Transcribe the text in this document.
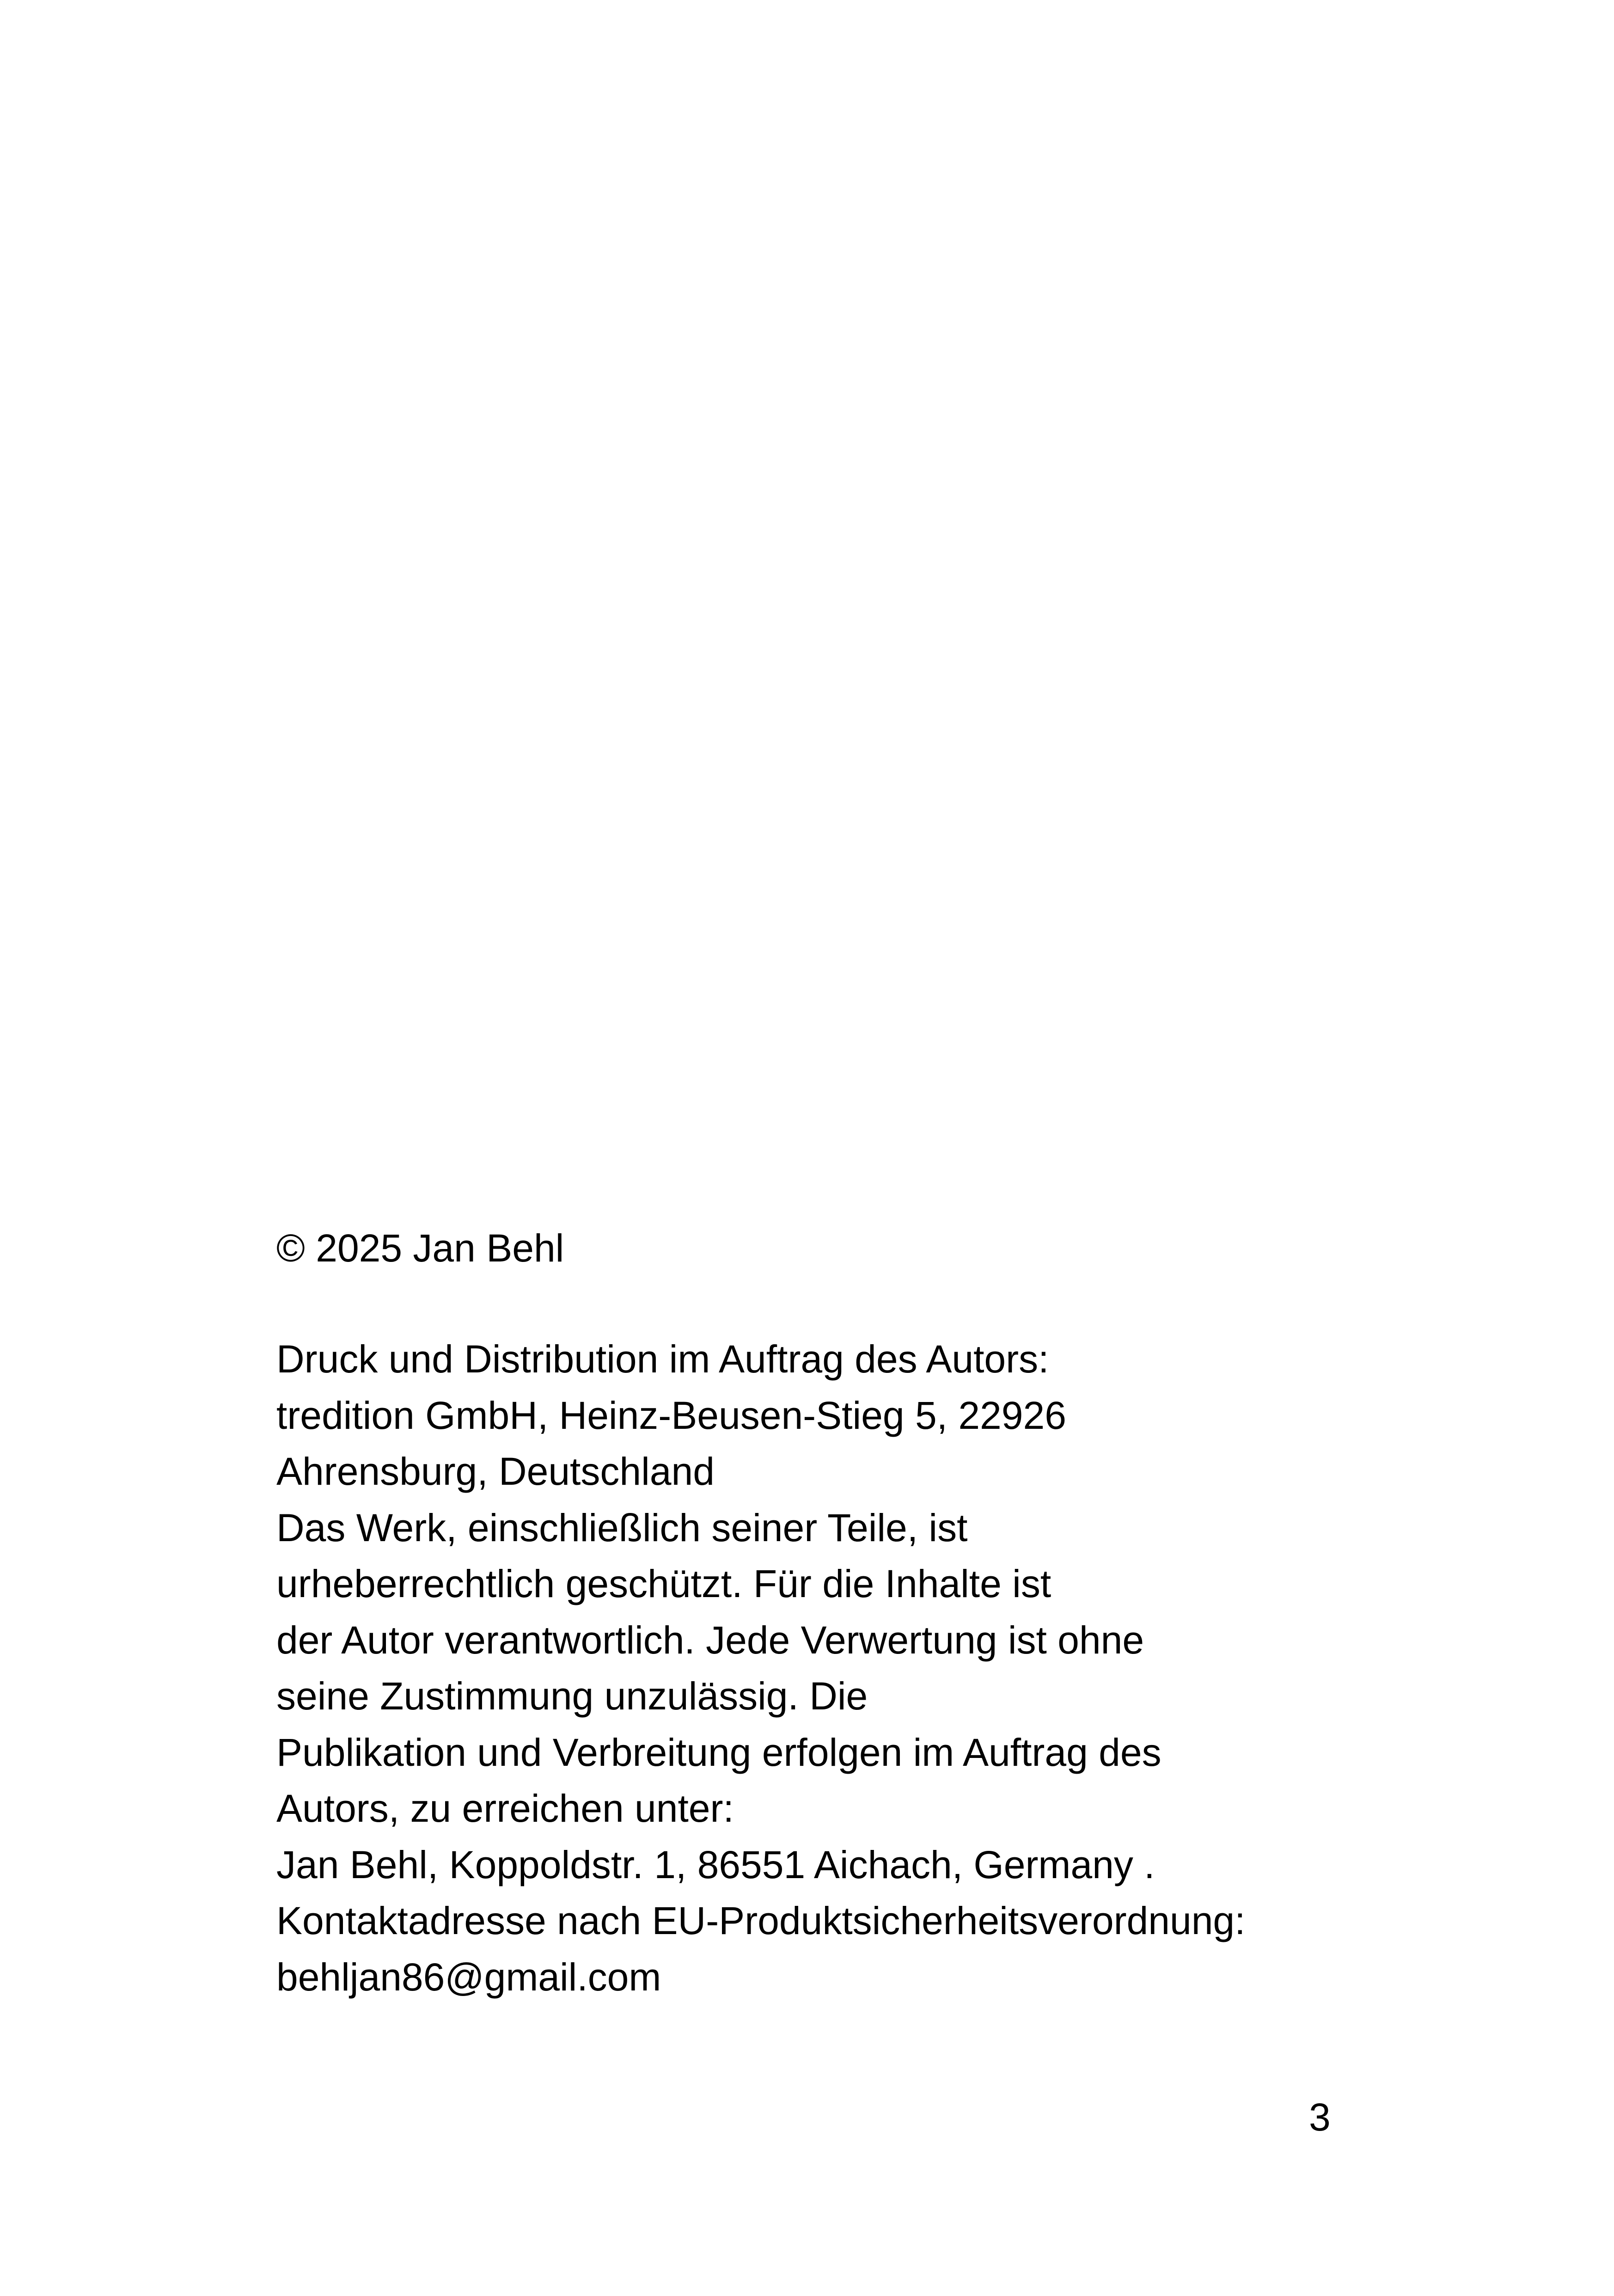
© 2025 Jan Behl

Druck und Distribution im Auftrag des Autors:
tredition GmbH, Heinz-Beusen-Stieg 5, 22926
Ahrensburg, Deutschland
Das Werk, einschließlich seiner Teile, ist
urheberrechtlich geschützt. Für die Inhalte ist
der Autor verantwortlich. Jede Verwertung ist ohne
seine Zustimmung unzulässig. Die
Publikation und Verbreitung erfolgen im Auftrag des
Autors, zu erreichen unter:
Jan Behl, Koppoldstr. 1, 86551 Aichach, Germany .
Kontaktadresse nach EU-Produktsicherheitsverordnung:
behljan86@gmail.com

3
